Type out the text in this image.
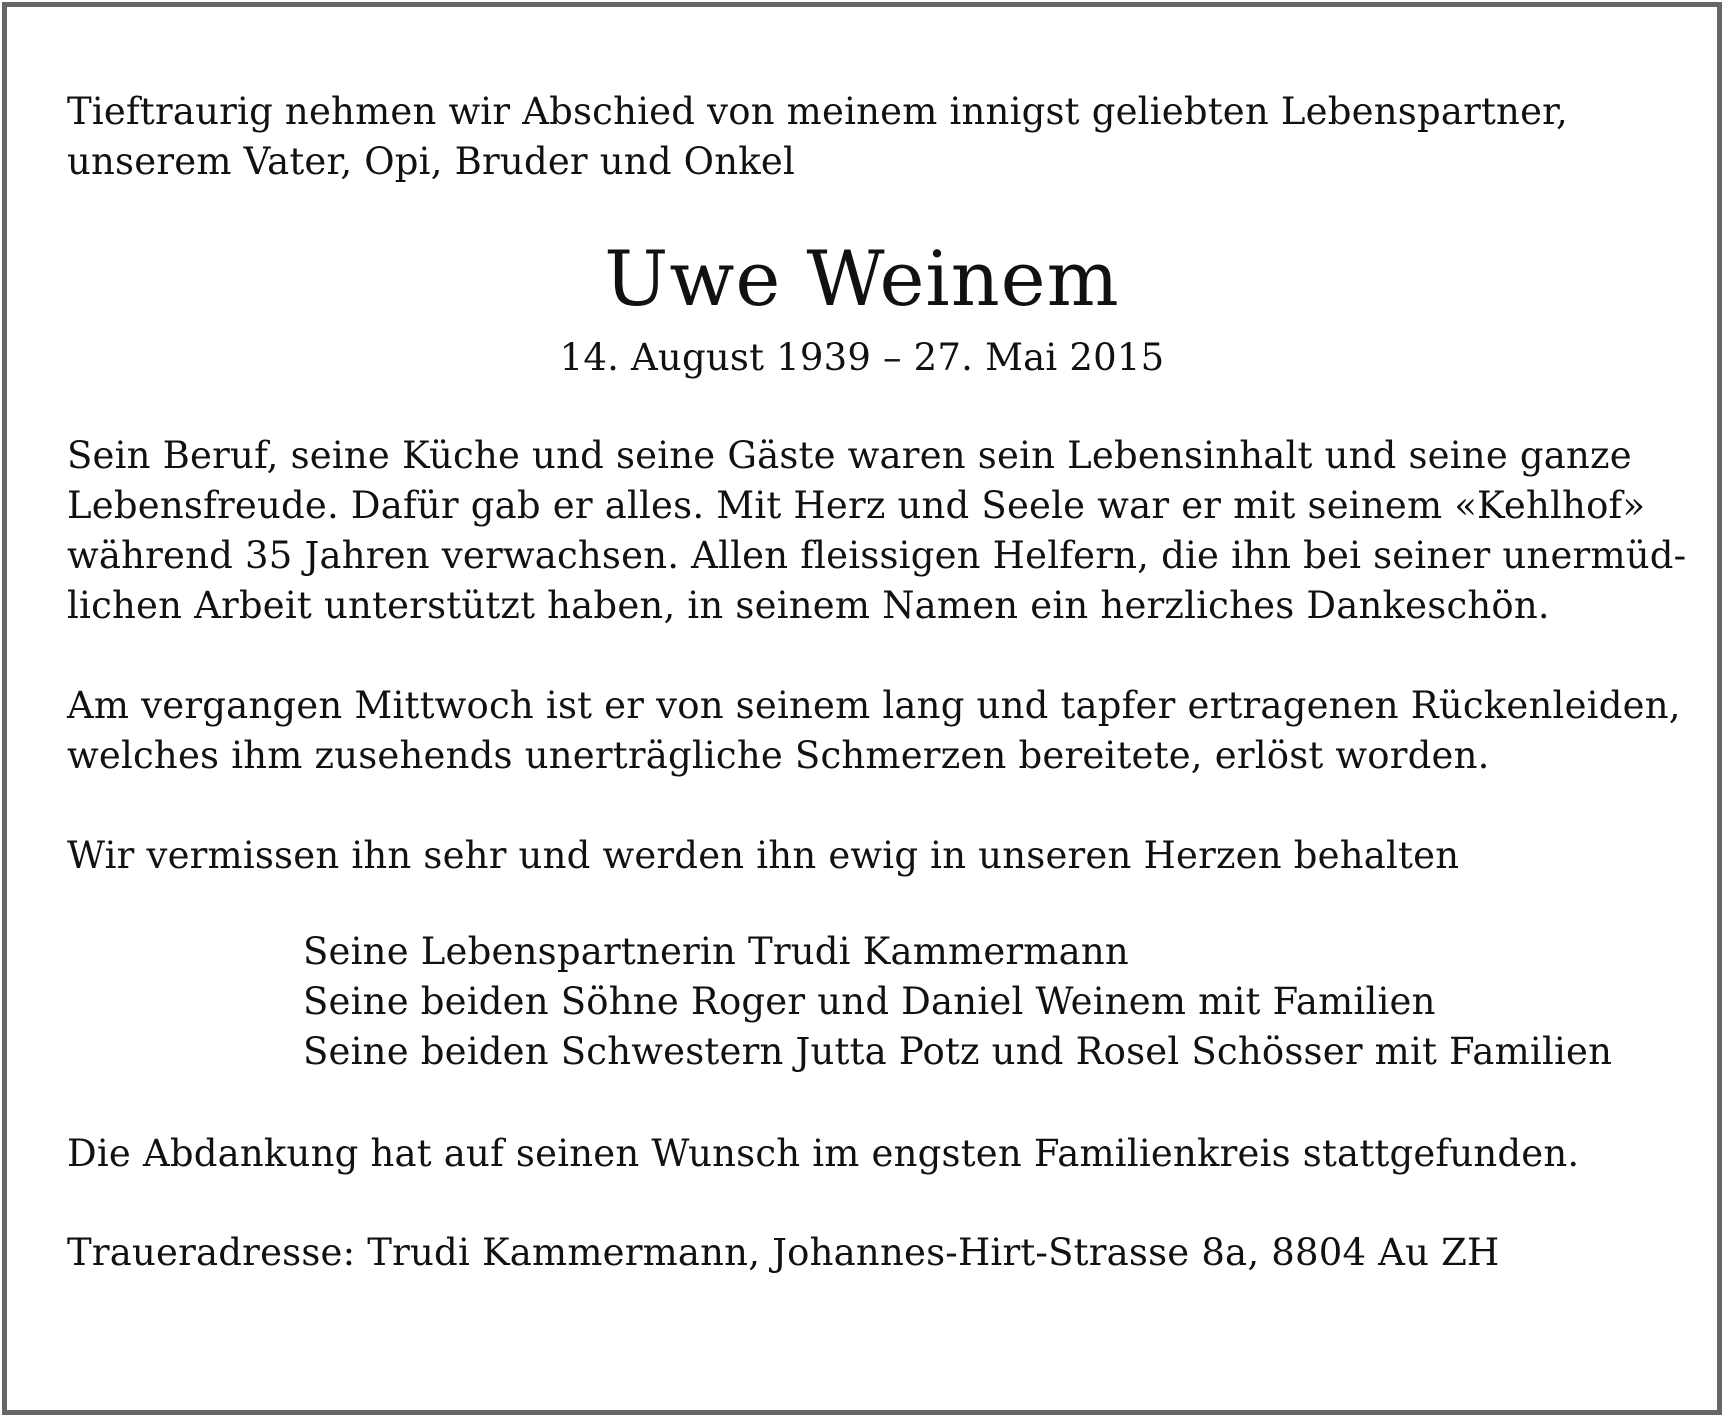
Tieftraurig nehmen wir Abschied von meinem innigst geliebten Lebenspartner,
unserem Vater, Opi, Bruder und Onkel

Uwe Weinem

14. August 1939 – 27. Mai 2015

Sein Beruf, seine Küche und seine Gäste waren sein Lebensinhalt und seine ganze
Lebensfreude. Dafür gab er alles. Mit Herz und Seele war er mit seinem «Kehlhof»
während 35 Jahren verwachsen. Allen fleissigen Helfern, die ihn bei seiner unermüd-
lichen Arbeit unterstützt haben, in seinem Namen ein herzliches Dankeschön.

Am vergangen Mittwoch ist er von seinem lang und tapfer ertragenen Rückenleiden,
welches ihm zusehends unerträgliche Schmerzen bereitete, erlöst worden.

Wir vermissen ihn sehr und werden ihn ewig in unseren Herzen behalten

Seine Lebenspartnerin Trudi Kammermann
Seine beiden Söhne Roger und Daniel Weinem mit Familien
Seine beiden Schwestern Jutta Potz und Rosel Schösser mit Familien

Die Abdankung hat auf seinen Wunsch im engsten Familienkreis stattgefunden.

Traueradresse: Trudi Kammermann, Johannes-Hirt-Strasse 8a, 8804 Au ZH
